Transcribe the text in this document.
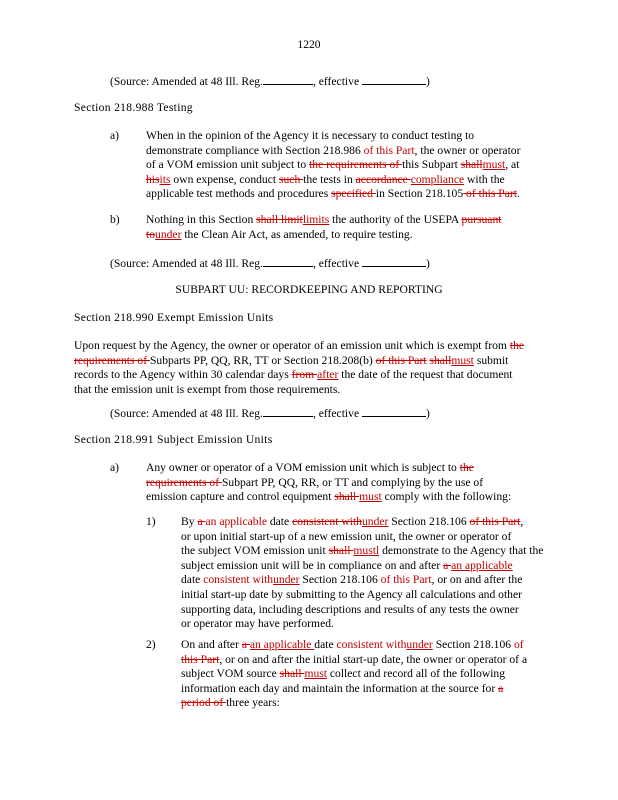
1220
(Source: Amended at 48 Ill. Reg.	, effective	)
Section 218.988 Testing
a) When in the opinion of the Agency it is necessary to conduct testing to
demonstrate compliance with Section 218.986 of this Part, the owner or operator
of a VOM emission unit subject to the requirements of this Subpart shallmust, at
hisits own expense, conduct such the tests in accordance compliance with the
applicable test methods and procedures specified in Section 218.105 of this Part.
b) Nothing in this Section shall limitlimits the authority of the USEPA pursuant
tounder the Clean Air Act, as amended, to require testing.
(Source: Amended at 48 Ill. Reg.	, effective	)
SUBPART UU: RECORDKEEPING AND REPORTING
Section 218.990 Exempt Emission Units
Upon request by the Agency, the owner or operator of an emission unit which is exempt from the
requirements of Subparts PP, QQ, RR, TT or Section 218.208(b) of this Part shallmust submit
records to the Agency within 30 calendar days from after the date of the request that document
that the emission unit is exempt from those requirements.
(Source: Amended at 48 Ill. Reg.	, effective	)
Section 218.991 Subject Emission Units
a) Any owner or operator of a VOM emission unit which is subject to the
requirements of Subpart PP, QQ, RR, or TT and complying by the use of
emission capture and control equipment shall must comply with the following:
1) By a an applicable date consistent withunder Section 218.106 of this Part,
or upon initial start-up of a new emission unit, the owner or operator of
the subject VOM emission unit shall mustl demonstrate to the Agency that the
subject emission unit will be in compliance on and after a an applicable
date consistent withunder Section 218.106 of this Part, or on and after the
initial start-up date by submitting to the Agency all calculations and other
supporting data, including descriptions and results of any tests the owner
or operator may have performed.
2) On and after a an applicable date consistent withunder Section 218.106 of
this Part, or on and after the initial start-up date, the owner or operator of a
subject VOM source shall must collect and record all of the following
information each day and maintain the information at the source for a
period of three years:
